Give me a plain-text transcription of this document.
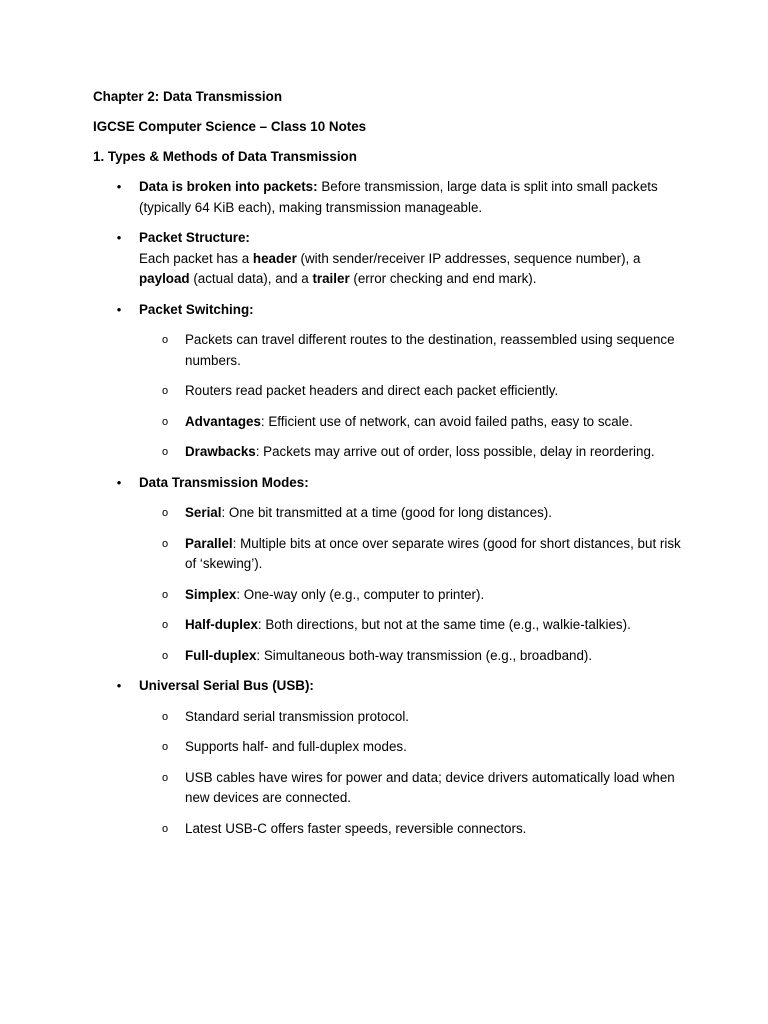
Chapter 2: Data Transmission
IGCSE Computer Science – Class 10 Notes
1. Types & Methods of Data Transmission
• Data is broken into packets: Before transmission, large data is split into small packets (typically 64 KiB each), making transmission manageable.
• Packet Structure:
Each packet has a header (with sender/receiver IP addresses, sequence number), a payload (actual data), and a trailer (error checking and end mark).
• Packet Switching:
o Packets can travel different routes to the destination, reassembled using sequence numbers.
o Routers read packet headers and direct each packet efficiently.
o Advantages: Efficient use of network, can avoid failed paths, easy to scale.
o Drawbacks: Packets may arrive out of order, loss possible, delay in reordering.
• Data Transmission Modes:
o Serial: One bit transmitted at a time (good for long distances).
o Parallel: Multiple bits at once over separate wires (good for short distances, but risk of ‘skewing’).
o Simplex: One-way only (e.g., computer to printer).
o Half-duplex: Both directions, but not at the same time (e.g., walkie-talkies).
o Full-duplex: Simultaneous both-way transmission (e.g., broadband).
• Universal Serial Bus (USB):
o Standard serial transmission protocol.
o Supports half- and full-duplex modes.
o USB cables have wires for power and data; device drivers automatically load when new devices are connected.
o Latest USB-C offers faster speeds, reversible connectors.
